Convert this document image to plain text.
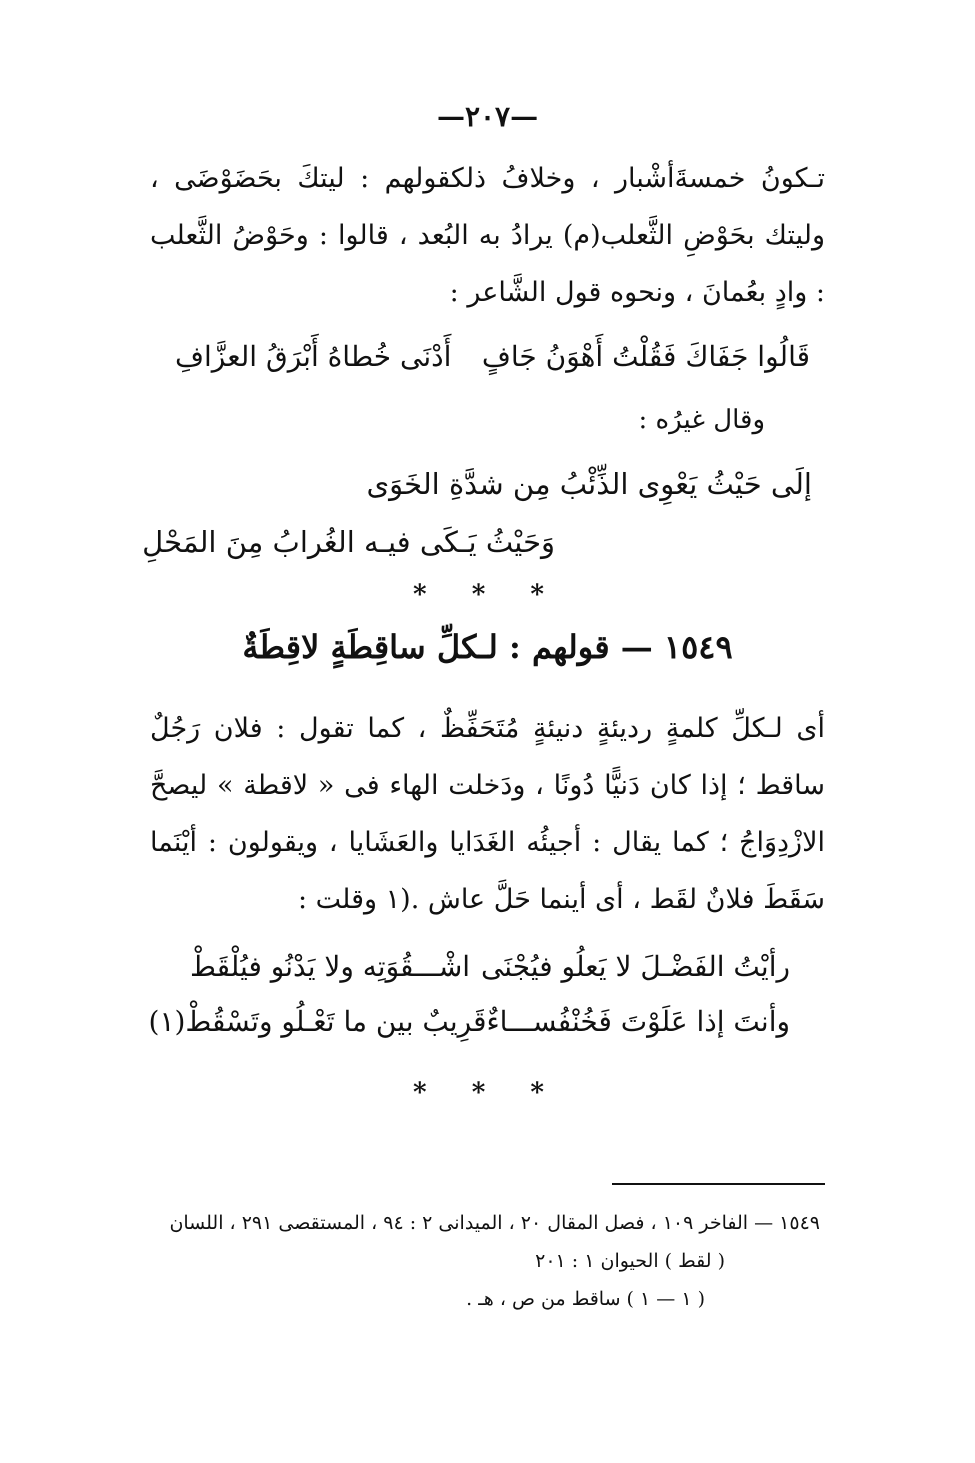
—٢٠٧—
تـكونُ خمسةَأشْبار ، وخلافُ ذلكقولهم : ليتكَ بحَضَوْضَى ، وليتك بحَوْضِ الثَّعلب(م) يرادُ به البُعد ، قالوا : وحَوْضُ الثَّعلب : وادٍ بعُمانَ ، ونحوه قول الشَّاعر :
قَالُوا جَفَاكَ فَقُلْتُ أَهْوَنُ جَافٍ
أَدْنَى خُطاهُ أَبْرَقُ العزَّافِ
وقال غيرُه :
إلَى حَيْثُ يَعْوِى الذِّئْبُ مِن شدَّةِ الخَوَى
وَحَيْثُ يَـكَى فيـه الغُرابُ مِنَ المَحْلِ
* * *
١٥٤٩ — قولهم : لـكلِّ ساقِطَةٍ لاقِطَةٌ
أى لـكلِّ كلمةٍ رديئةٍ دنيئةٍ مُتَحَفِّظٌ ، كما تقول : فلان رَجُلٌ ساقط ؛ إذا كان دَنيًّا دُونًا ، ودَخلت الهاء فى « لاقطة » ليصحَّ الازْدِوَاجُ ؛ كما يقال : أجيئُه الغَدَايا والعَشَايا ، ويقولون : أيْنَما سَقَطَ فلانٌ لقَط ، أى أينما حَلَّ عاش .(١ وقلت :
رأيْتُ الفَضْـلَ لا يَعلُو فيُجْنَى
اشْـــقُوَتِه ولا يَدْنُو فيُلْقَطْ
وأنتَ إذا عَلَوْتَ فَخُنْفُســـاءٌ
قَرِيبٌ بين ما تَعْـلُو وتَسْقُطْ(١)
* * *
١٥٤٩ — الفاخر ١٠٩ ، فصل المقال ٢٠ ، الميدانى ٢ : ٩٤ ، المستقصى ٢٩١ ، اللسان
( لقط ) الحيوان ١ : ٢٠١
( ١ — ١ ) ساقط من ص ، هـ .
